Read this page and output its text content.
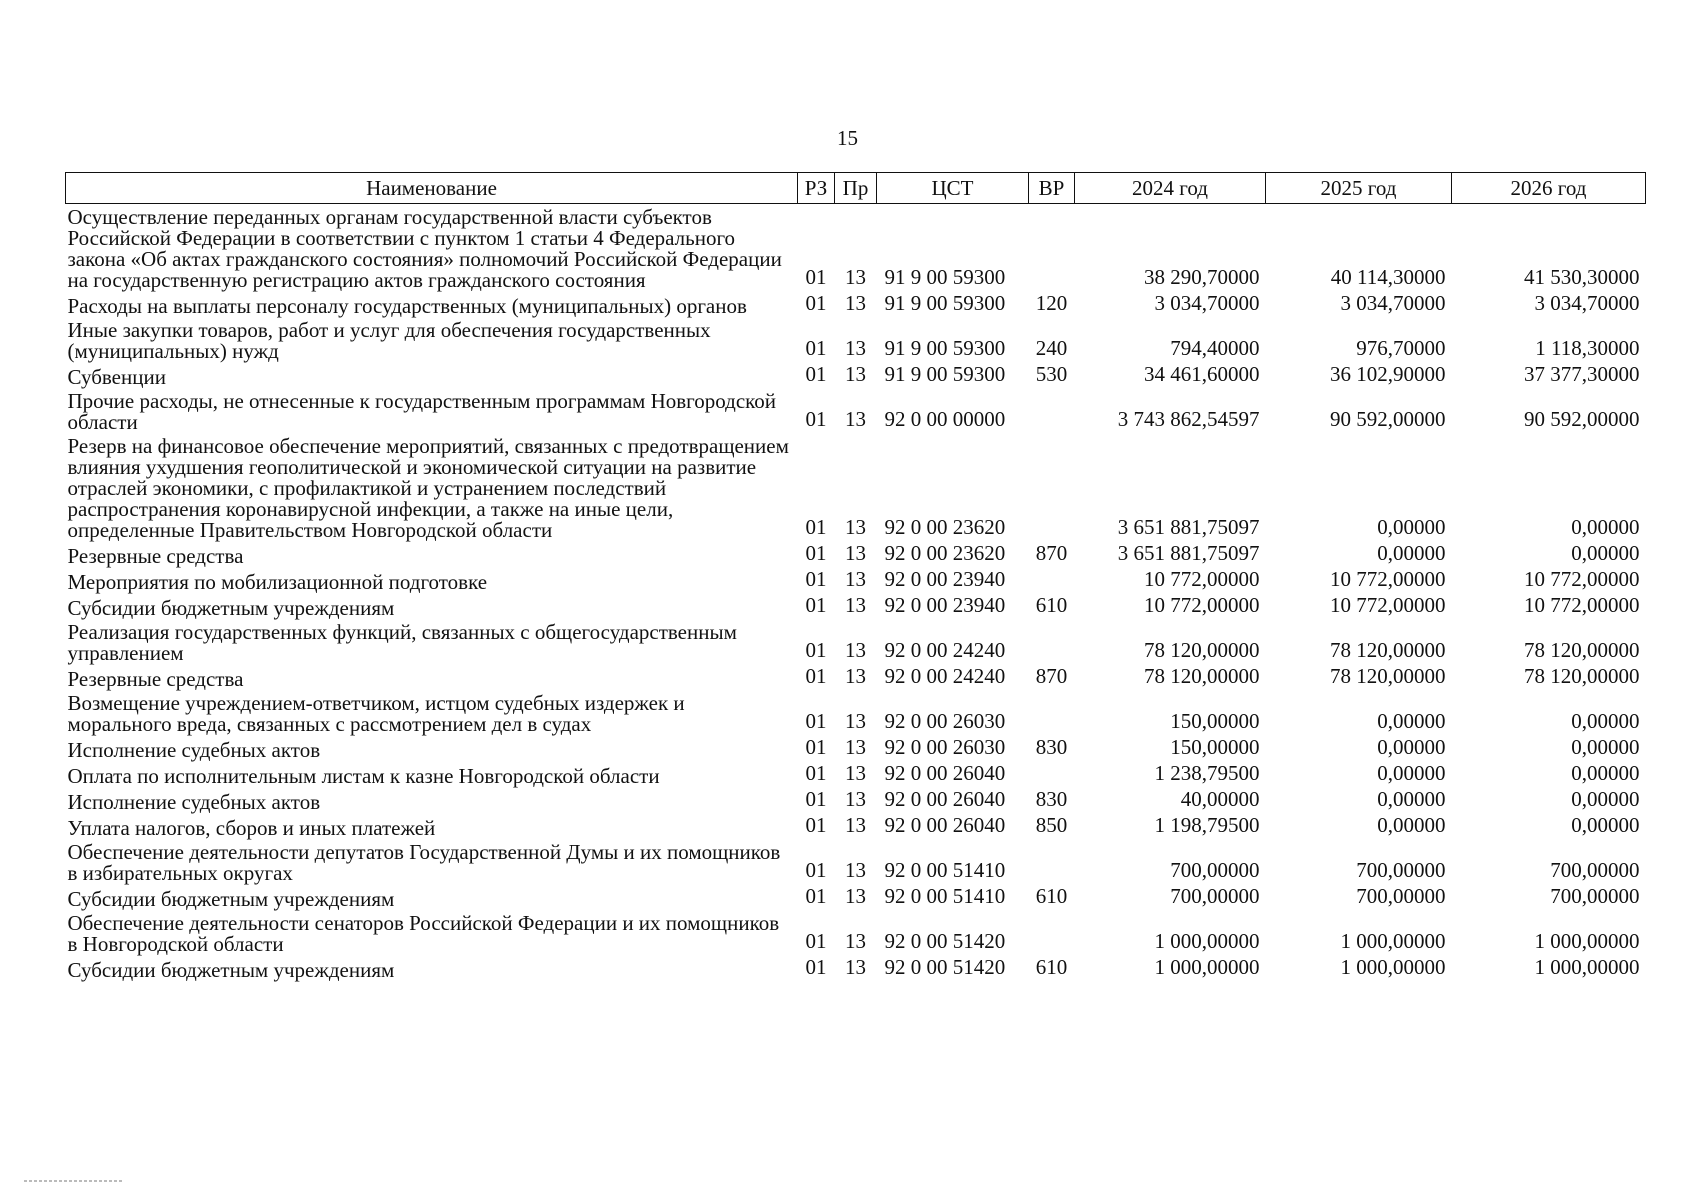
15
Наименование	РЗ	Пр	ЦСТ	ВР	2024 год	2025 год	2026 год
Осуществление переданных органам государственной власти субъектов Российской Федерации в соответствии с пунктом 1 статьи 4 Федерального закона «Об актах гражданского состояния» полномочий Российской Федерации на государственную регистрацию актов гражданского состояния	01	13	91 9 00 59300		38 290,70000	40 114,30000	41 530,30000
Расходы на выплаты персоналу государственных (муниципальных) органов	01	13	91 9 00 59300	120	3 034,70000	3 034,70000	3 034,70000
Иные закупки товаров, работ и услуг для обеспечения государственных (муниципальных) нужд	01	13	91 9 00 59300	240	794,40000	976,70000	1 118,30000
Субвенции	01	13	91 9 00 59300	530	34 461,60000	36 102,90000	37 377,30000
Прочие расходы, не отнесенные к государственным программам Новгородской области	01	13	92 0 00 00000		3 743 862,54597	90 592,00000	90 592,00000
Резерв на финансовое обеспечение мероприятий, связанных с предотвращением влияния ухудшения геополитической и экономической ситуации на развитие отраслей экономики, с профилактикой и устранением последствий распространения коронавирусной инфекции, а также на иные цели, определенные Правительством Новгородской области	01	13	92 0 00 23620		3 651 881,75097	0,00000	0,00000
Резервные средства	01	13	92 0 00 23620	870	3 651 881,75097	0,00000	0,00000
Мероприятия по мобилизационной подготовке	01	13	92 0 00 23940		10 772,00000	10 772,00000	10 772,00000
Субсидии бюджетным учреждениям	01	13	92 0 00 23940	610	10 772,00000	10 772,00000	10 772,00000
Реализация государственных функций, связанных с общегосударственным управлением	01	13	92 0 00 24240		78 120,00000	78 120,00000	78 120,00000
Резервные средства	01	13	92 0 00 24240	870	78 120,00000	78 120,00000	78 120,00000
Возмещение учреждением-ответчиком, истцом судебных издержек и морального вреда, связанных с рассмотрением дел в судах	01	13	92 0 00 26030		150,00000	0,00000	0,00000
Исполнение судебных актов	01	13	92 0 00 26030	830	150,00000	0,00000	0,00000
Оплата по исполнительным листам к казне Новгородской области	01	13	92 0 00 26040		1 238,79500	0,00000	0,00000
Исполнение судебных актов	01	13	92 0 00 26040	830	40,00000	0,00000	0,00000
Уплата налогов, сборов и иных платежей	01	13	92 0 00 26040	850	1 198,79500	0,00000	0,00000
Обеспечение деятельности депутатов Государственной Думы и их помощников в избирательных округах	01	13	92 0 00 51410		700,00000	700,00000	700,00000
Субсидии бюджетным учреждениям	01	13	92 0 00 51410	610	700,00000	700,00000	700,00000
Обеспечение деятельности сенаторов Российской Федерации и их помощников в Новгородской области	01	13	92 0 00 51420		1 000,00000	1 000,00000	1 000,00000
Субсидии бюджетным учреждениям	01	13	92 0 00 51420	610	1 000,00000	1 000,00000	1 000,00000
